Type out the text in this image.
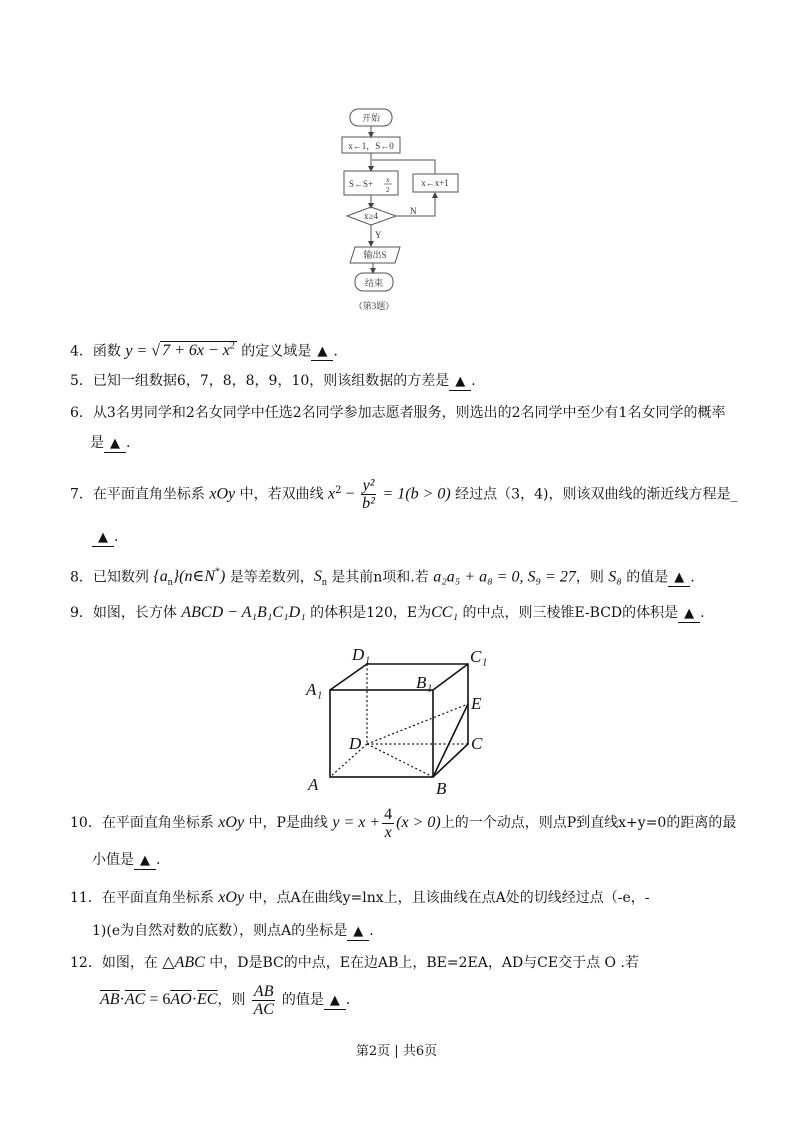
开始
x←1，S←0
S←S+ x
2
x←x+1
x≥4	N
Y
输出S
结束
（第3题）
4．函数 y = √ $7 + 6x - x^2$ 的定义域是 ▲ .
5．已知一组数据6，7，8，8，9，10，则该组数据的方差是 ▲ .
6．从3名男同学和2名女同学中任选2名同学参加志愿者服务，则选出的2名同学中至少有1名女同学的概率
是 ▲ .
7．在平面直角坐标系 xOy 中，若双曲线 $x^2 - \frac{\text{y²}}{\text{b²}} = 1(b > 0)$ 经过点（3，4)，则该双曲线的渐近线方程是_
▲ .
8．已知数列 $\{a_n\}(n\in N^*)$ 是等差数列，$S_n$ 是其前n项和.若 a₂a₅ + a₈ = 0, S₉ = 27，则 S₈ 的值是 ▲ .
9．如图，长方体 ABCD − A₁B₁C₁D₁ 的体积是120，E为CC₁ 的中点，则三棱锥E-BCD的体积是 ▲ .
D₁	C₁
A₁	B₁
E
C
D
A	B
10．在平面直角坐标系 xOy 中，P是曲线 $y = x + \frac{4}{x} (x > 0)$上的一个动点，则点P到直线x+y=0的距离的最
小值是 ▲ .
11．在平面直角坐标系 xOy 中，点A在曲线y=lnx上，且该曲线在点A处的切线经过点（-e，-
1)(e为自然对数的底数），则点A的坐标是 ▲ .
12．如图，在 △ABC 中，D是BC的中点，E在边AB上，BE=2EA，AD与CE交于点 O .若
$\overline{AB}\cdot\overline{AC} = 6\overline{AO}\cdot\overline{EC}$，则 $\frac{AB}{AC}$ 的值是 ▲ .
第2页 | 共6页
